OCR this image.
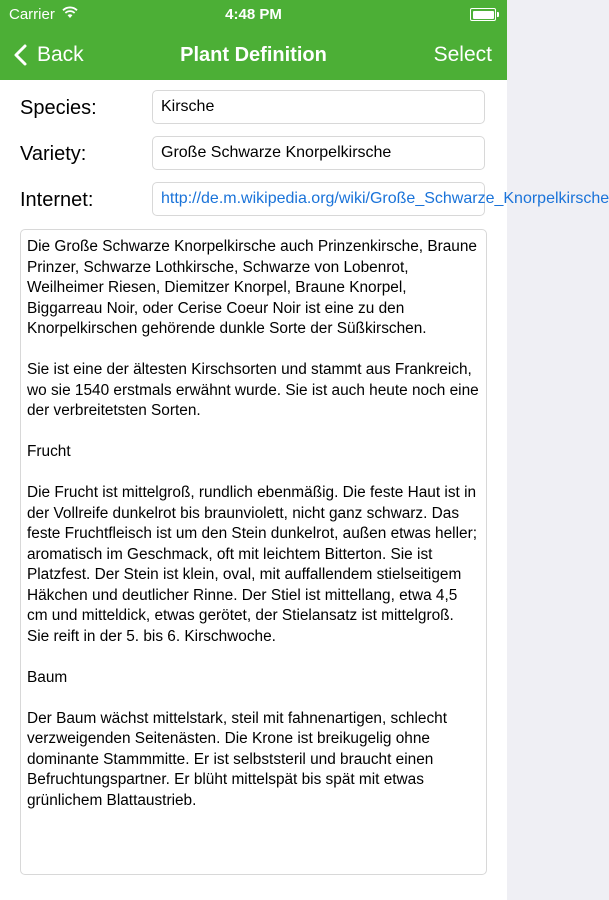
Carrier	4:48 PM
Back	Plant Definition	Select
Species:	Kirsche
Variety:	Große Schwarze Knorpelkirsche
Internet:	http://de.m.wikipedia.org/wiki/Große_Schwarze_Knorpelkirsche

Die Große Schwarze Knorpelkirsche auch Prinzenkirsche, Braune Prinzer, Schwarze Lothkirsche, Schwarze von Lobenrot, Weilheimer Riesen, Diemitzer Knorpel, Braune Knorpel, Biggarreau Noir, oder Cerise Coeur Noir ist eine zu den Knorpelkirschen gehörende dunkle Sorte der Süßkirschen.

Sie ist eine der ältesten Kirschsorten und stammt aus Frankreich, wo sie 1540 erstmals erwähnt wurde. Sie ist auch heute noch eine der verbreitetsten Sorten.

Frucht

Die Frucht ist mittelgroß, rundlich ebenmäßig. Die feste Haut ist in der Vollreife dunkelrot bis braunviolett, nicht ganz schwarz. Das feste Fruchtfleisch ist um den Stein dunkelrot, außen etwas heller; aromatisch im Geschmack, oft mit leichtem Bitterton. Sie ist Platzfest. Der Stein ist klein, oval, mit auffallendem stielseitigem Häkchen und deutlicher Rinne. Der Stiel ist mittellang, etwa 4,5 cm und mitteldick, etwas gerötet, der Stielansatz ist mittelgroß. Sie reift in der 5. bis 6. Kirschwoche.

Baum

Der Baum wächst mittelstark, steil mit fahnenartigen, schlecht verzweigenden Seitenästen. Die Krone ist breikugelig ohne dominante Stammmitte. Er ist selbststeril und braucht einen Befruchtungspartner. Er blüht mittelspät bis spät mit etwas grünlichem Blattaustrieb.
